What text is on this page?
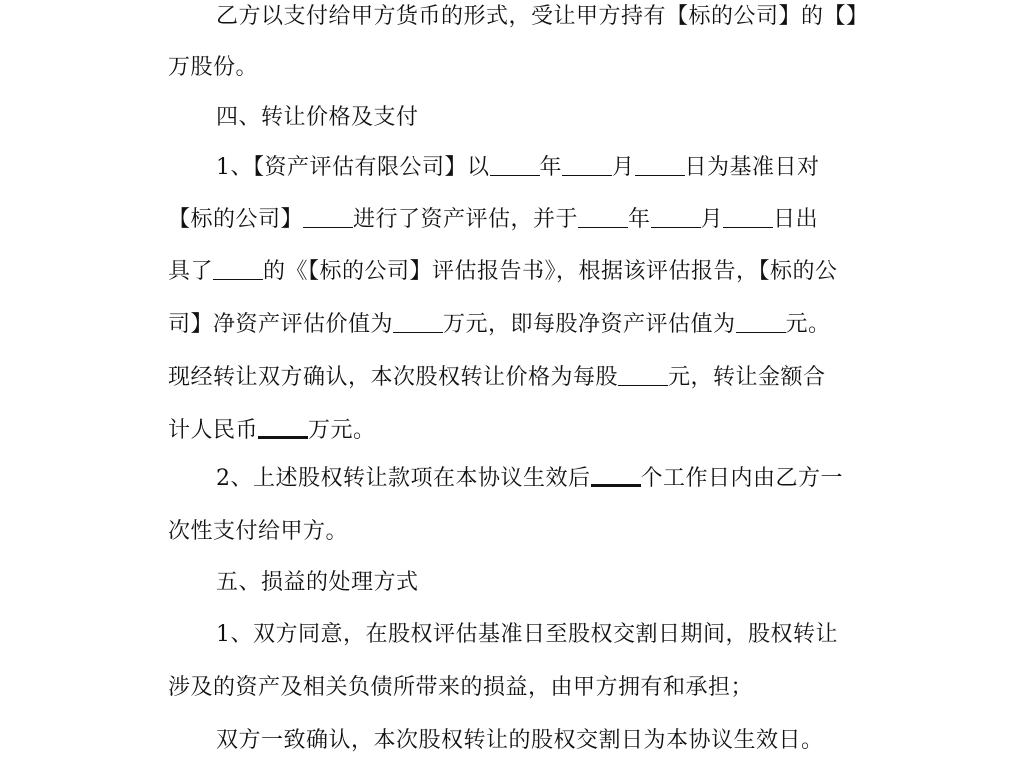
乙方以支付给甲方货币的形式，受让甲方持有【标的公司】的【】
万股份。
四、转让价格及支付
1、【资产评估有限公司】以 年 月 日为基准日对
【标的公司】 进行了资产评估，并于 年 月 日出
具了 的《【标的公司】评估报告书》，根据该评估报告，【标的公
司】净资产评估价值为 万元，即每股净资产评估值为 元。
现经转让双方确认，本次股权转让价格为每股 元，转让金额合
计人民币 万元。
2、上述股权转让款项在本协议生效后 个工作日内由乙方一
次性支付给甲方。
五、损益的处理方式
1、双方同意，在股权评估基准日至股权交割日期间，股权转让
涉及的资产及相关负债所带来的损益，由甲方拥有和承担；
双方一致确认，本次股权转让的股权交割日为本协议生效日。
